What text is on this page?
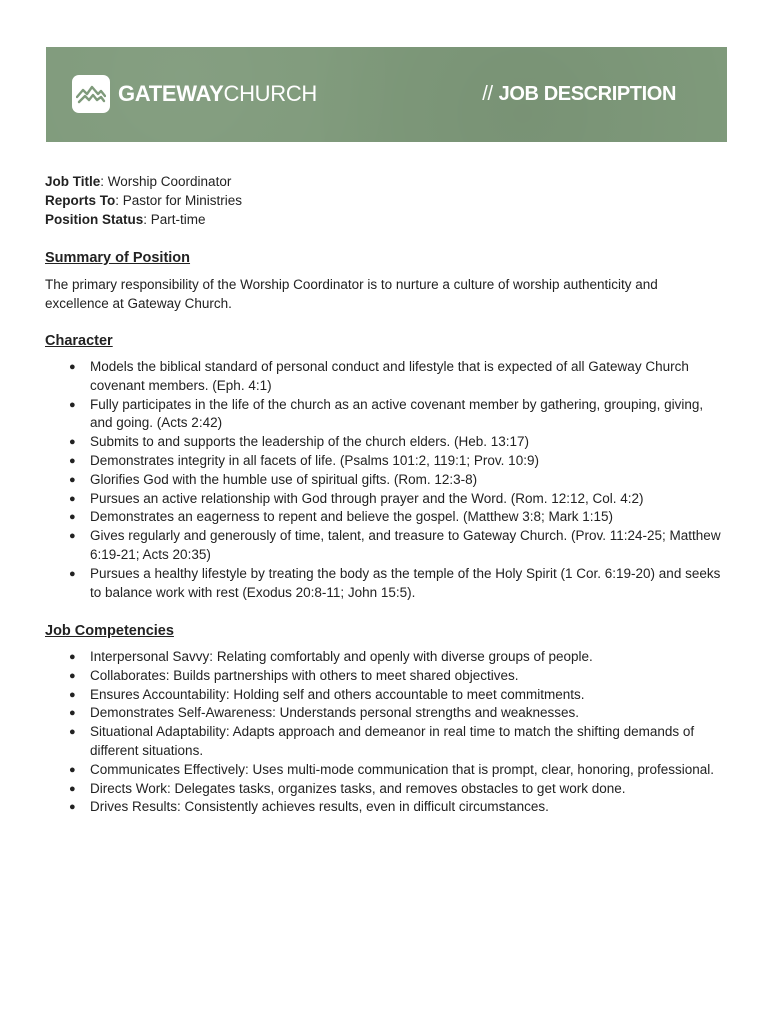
GATEWAYCHURCH	// JOB DESCRIPTION
Job Title: Worship Coordinator
Reports To: Pastor for Ministries
Position Status: Part-time
Summary of Position
The primary responsibility of the Worship Coordinator is to nurture a culture of worship authenticity and excellence at Gateway Church.
Character
● Models the biblical standard of personal conduct and lifestyle that is expected of all Gateway Church covenant members. (Eph. 4:1)
● Fully participates in the life of the church as an active covenant member by gathering, grouping, giving, and going. (Acts 2:42)
● Submits to and supports the leadership of the church elders. (Heb. 13:17)
● Demonstrates integrity in all facets of life. (Psalms 101:2, 119:1; Prov. 10:9)
● Glorifies God with the humble use of spiritual gifts. (Rom. 12:3-8)
● Pursues an active relationship with God through prayer and the Word. (Rom. 12:12, Col. 4:2)
● Demonstrates an eagerness to repent and believe the gospel. (Matthew 3:8; Mark 1:15)
● Gives regularly and generously of time, talent, and treasure to Gateway Church. (Prov. 11:24-25; Matthew 6:19-21; Acts 20:35)
● Pursues a healthy lifestyle by treating the body as the temple of the Holy Spirit (1 Cor. 6:19-20) and seeks to balance work with rest (Exodus 20:8-11; John 15:5).
Job Competencies
● Interpersonal Savvy: Relating comfortably and openly with diverse groups of people.
● Collaborates: Builds partnerships with others to meet shared objectives.
● Ensures Accountability: Holding self and others accountable to meet commitments.
● Demonstrates Self-Awareness: Understands personal strengths and weaknesses.
● Situational Adaptability: Adapts approach and demeanor in real time to match the shifting demands of different situations.
● Communicates Effectively: Uses multi-mode communication that is prompt, clear, honoring, professional.
● Directs Work: Delegates tasks, organizes tasks, and removes obstacles to get work done.
● Drives Results: Consistently achieves results, even in difficult circumstances.
